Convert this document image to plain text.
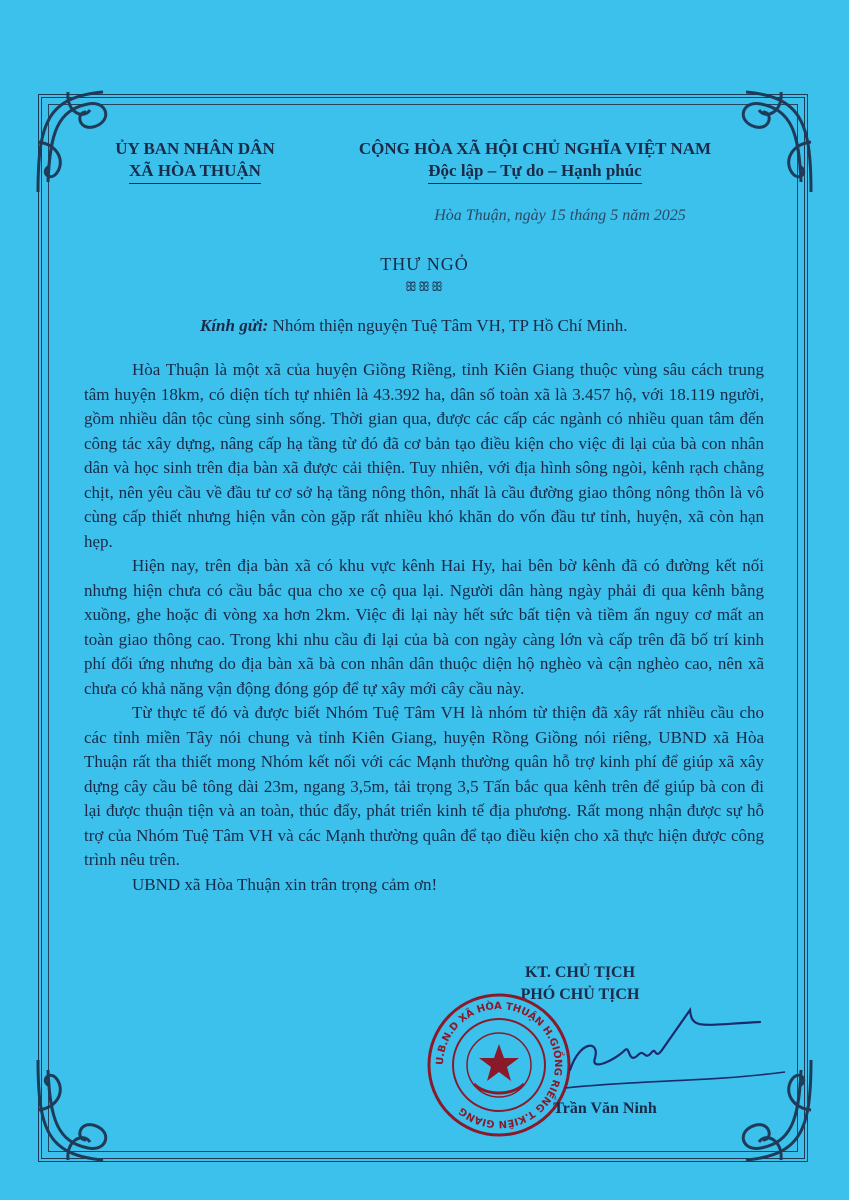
ỦY BAN NHÂN DÂN
XÃ HÒA THUẬN
CỘNG HÒA XÃ HỘI CHỦ NGHĨA VIỆT NAM
Độc lập – Tự do – Hạnh phúc
Hòa Thuận, ngày 15 tháng 5 năm 2025
THƯ NGỎ
ꕥꕥꕥ
Kính gửi: Nhóm thiện nguyện Tuệ Tâm VH, TP Hồ Chí Minh.

Hòa Thuận là một xã của huyện Giồng Riềng, tỉnh Kiên Giang thuộc vùng sâu cách trung tâm huyện 18km, có diện tích tự nhiên là 43.392 ha, dân số toàn xã là 3.457 hộ, với 18.119 người, gồm nhiều dân tộc cùng sinh sống. Thời gian qua, được các cấp các ngành có nhiều quan tâm đến công tác xây dựng, nâng cấp hạ tầng từ đó đã cơ bản tạo điều kiện cho việc đi lại của bà con nhân dân và học sinh trên địa bàn xã được cải thiện. Tuy nhiên, với địa hình sông ngòi, kênh rạch chằng chịt, nên yêu cầu về đầu tư cơ sở hạ tầng nông thôn, nhất là cầu đường giao thông nông thôn là vô cùng cấp thiết nhưng hiện vẫn còn gặp rất nhiều khó khăn do vốn đầu tư tỉnh, huyện, xã còn hạn hẹp.

Hiện nay, trên địa bàn xã có khu vực kênh Hai Hy, hai bên bờ kênh đã có đường kết nối nhưng hiện chưa có cầu bắc qua cho xe cộ qua lại. Người dân hàng ngày phải đi qua kênh bằng xuồng, ghe hoặc đi vòng xa hơn 2km. Việc đi lại này hết sức bất tiện và tiềm ẩn nguy cơ mất an toàn giao thông cao. Trong khi nhu cầu đi lại của bà con ngày càng lớn và cấp trên đã bố trí kinh phí đối ứng nhưng do địa bàn xã bà con nhân dân thuộc diện hộ nghèo và cận nghèo cao, nên xã chưa có khả năng vận động đóng góp để tự xây mới cây cầu này.

Từ thực tế đó và được biết Nhóm Tuệ Tâm VH là nhóm từ thiện đã xây rất nhiều cầu cho các tỉnh miền Tây nói chung và tỉnh Kiên Giang, huyện Rồng Giồng nói riêng, UBND xã Hòa Thuận rất tha thiết mong Nhóm kết nối với các Mạnh thường quân hỗ trợ kinh phí để giúp xã xây dựng cây cầu bê tông dài 23m, ngang 3,5m, tải trọng 3,5 Tấn bắc qua kênh trên để giúp bà con đi lại được thuận tiện và an toàn, thúc đẩy, phát triển kinh tế địa phương. Rất mong nhận được sự hỗ trợ của Nhóm Tuệ Tâm VH và các Mạnh thường quân để tạo điều kiện cho xã thực hiện được công trình nêu trên.

UBND xã Hòa Thuận xin trân trọng cảm ơn!

KT. CHỦ TỊCH
PHÓ CHỦ TỊCH
U.B.N.D XÃ HÒA THUẬN H.GIỒNG RIỀNG T.KIÊN GIANG	Trần Văn Ninh
